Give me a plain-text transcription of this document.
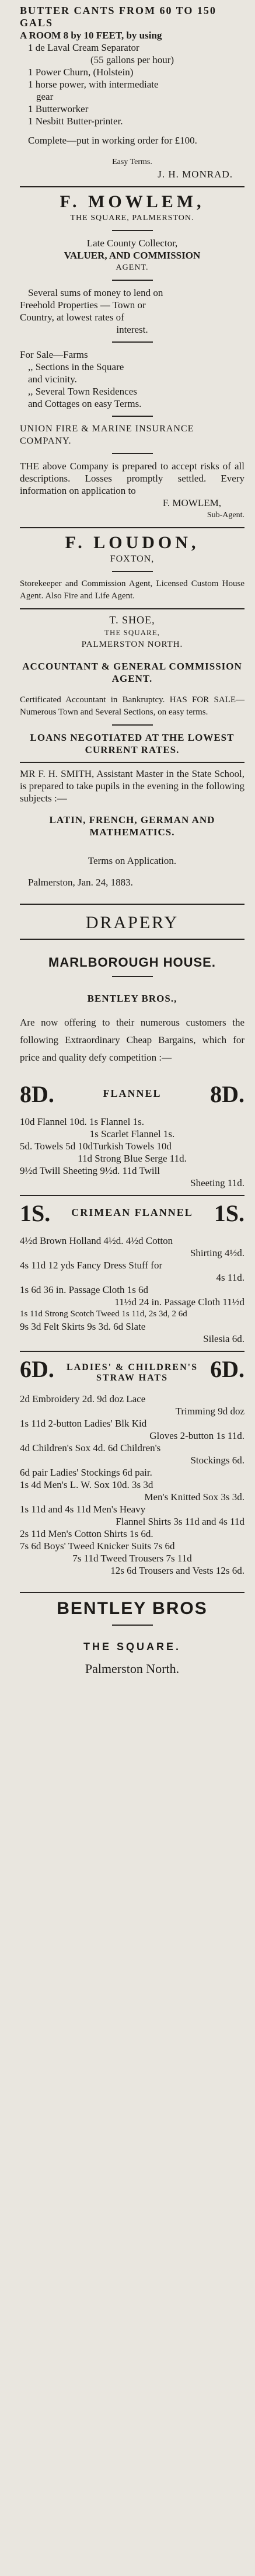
BUTTER CANTS FROM 60 TO 150 GALS

A ROOM 8 by 10 FEET, by using

1 de Laval Cream Separator

(55 gallons per hour)

1 Power Churn, (Holstein)

1 horse power, with intermediate

gear

1 Butterworker

1 Nesbitt Butter-printer.

Complete—put in working order for £100.

Easy Terms.

J. H. MONRAD.

F. MOWLEM,

THE SQUARE, PALMERSTON.

Late County Collector,

VALUER, AND COMMISSION

AGENT.

Several sums of money to lend on

Freehold Properties — Town or

Country, at lowest rates of

interest.

For Sale—Farms

,, Sections in the Square

and vicinity.

,, Several Town Residences

and Cottages on easy Terms.

UNION FIRE & MARINE INSURANCE COMPANY.

THE above Company is prepared to accept risks of all descriptions. Losses promptly settled. Every information on application to

F. MOWLEM,

Sub-Agent.

F. LOUDON,

FOXTON,

Storekeeper and Commission Agent, Licensed Custom House Agent. Also Fire and Life Agent.

T. SHOE,

THE SQUARE,

PALMERSTON NORTH.

ACCOUNTANT & GENERAL COMMISSION AGENT.

Certificated Accountant in Bankruptcy. HAS FOR SALE—Numerous Town and Several Sections, on easy terms.

LOANS NEGOTIATED AT THE LOWEST CURRENT RATES.

MR F. H. SMITH, Assistant Master in the State School, is prepared to take pupils in the evening in the following subjects :—

LATIN, FRENCH, GERMAN AND MATHEMATICS.

Terms on Application.

Palmerston, Jan. 24, 1883.

DRAPERY
MARLBOROUGH HOUSE.

BENTLEY BROS.,

Are now offering to their numerous customers the following Extraordinary Cheap Bargains, which for price and quality defy competition :—

8D.	FLANNEL	8D.

10d Flannel 10d. 1s Flannel 1s.

1s Scarlet Flannel 1s.

5d. Towels 5d 10dTurkish Towels 10d

11d Strong Blue Serge 11d.

9½d Twill Sheeting 9½d. 11d Twill

Sheeting 11d.

1S.	CRIMEAN FLANNEL 1S.

4½d Brown Holland 4½d. 4½d Cotton

Shirting 4½d.

4s 11d 12 yds Fancy Dress Stuff for

4s 11d.

1s 6d 36 in. Passage Cloth 1s 6d

11½d 24 in. Passage Cloth 11½d

1s 11d Strong Scotch Tweed 1s 11d, 2s 3d, 2 6d

9s 3d Felt Skirts 9s 3d. 6d Slate

Silesia 6d.

6D.	LADIES' & CHILDREN'S STRAW HATS	6D.

2d Embroidery 2d. 9d doz Lace

Trimming 9d doz

1s 11d 2-button Ladies' Blk Kid

Gloves 2-button 1s 11d.

4d Children's Sox 4d. 6d Children's

Stockings 6d.

6d pair Ladies' Stockings 6d pair.

1s 4d Men's L. W. Sox 10d. 3s 3d

Men's Knitted Sox 3s 3d.

1s 11d and 4s 11d Men's Heavy

Flannel Shirts 3s 11d and 4s 11d

2s 11d Men's Cotton Shirts 1s 6d.

7s 6d Boys' Tweed Knicker Suits 7s 6d

7s 11d Tweed Trousers 7s 11d

12s 6d Trousers and Vests 12s 6d.

BENTLEY BROS

THE SQUARE.

Palmerston North.
